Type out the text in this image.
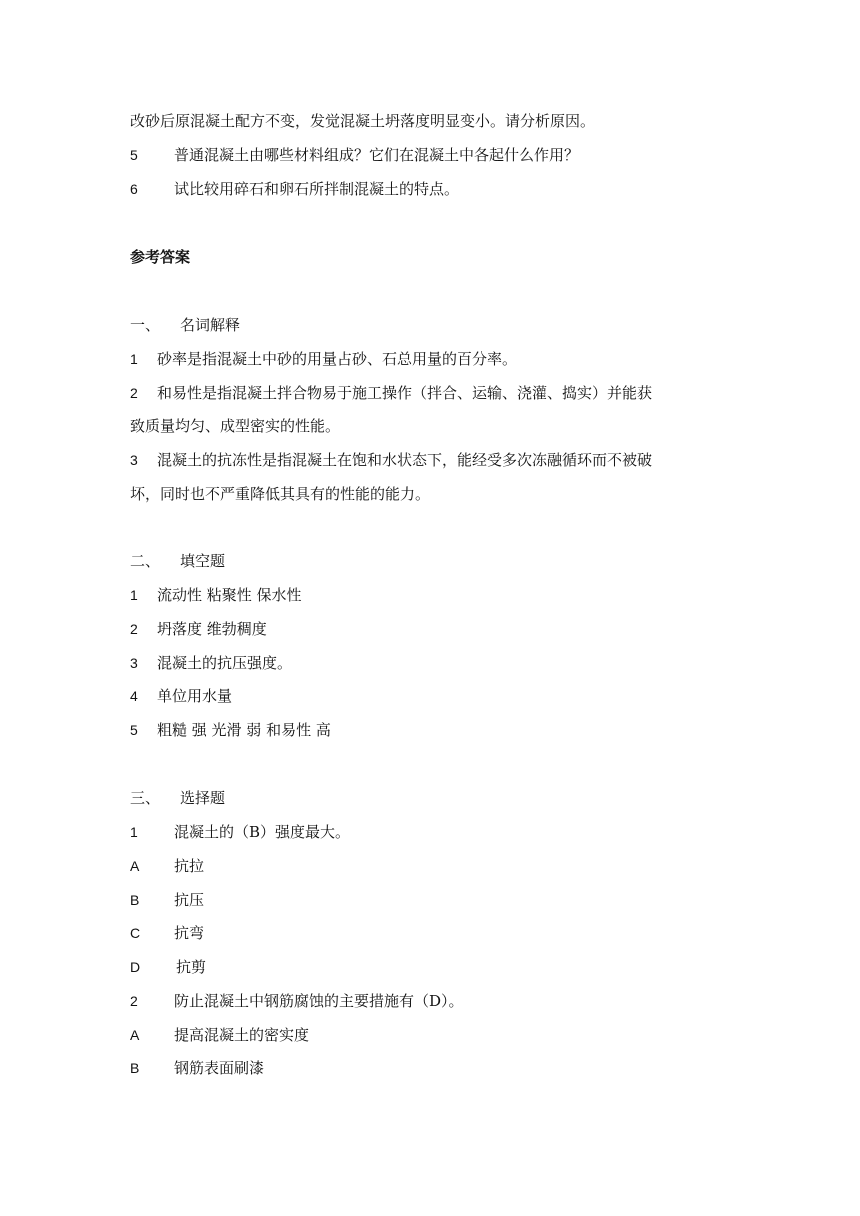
改砂后原混凝土配方不变，发觉混凝土坍落度明显变小。请分析原因。
5 普通混凝土由哪些材料组成？它们在混凝土中各起什么作用？
6 试比较用碎石和卵石所拌制混凝土的特点。
参考答案
一、 名词解释
1 砂率是指混凝土中砂的用量占砂、石总用量的百分率。
2 和易性是指混凝土拌合物易于施工操作（拌合、运输、浇灌、捣实）并能获
致质量均匀、成型密实的性能。
3 混凝土的抗冻性是指混凝土在饱和水状态下，能经受多次冻融循环而不被破
坏，同时也不严重降低其具有的性能的能力。
二、 填空题
1 流动性 粘聚性 保水性
2 坍落度 维勃稠度
3 混凝土的抗压强度。
4 单位用水量
5 粗糙 强 光滑 弱 和易性 高
三、 选择题
1 混凝土的（B）强度最大。
A 抗拉
B 抗压
C 抗弯
D 抗剪
2 防止混凝土中钢筋腐蚀的主要措施有（D）。
A 提高混凝土的密实度
B 钢筋表面刷漆
